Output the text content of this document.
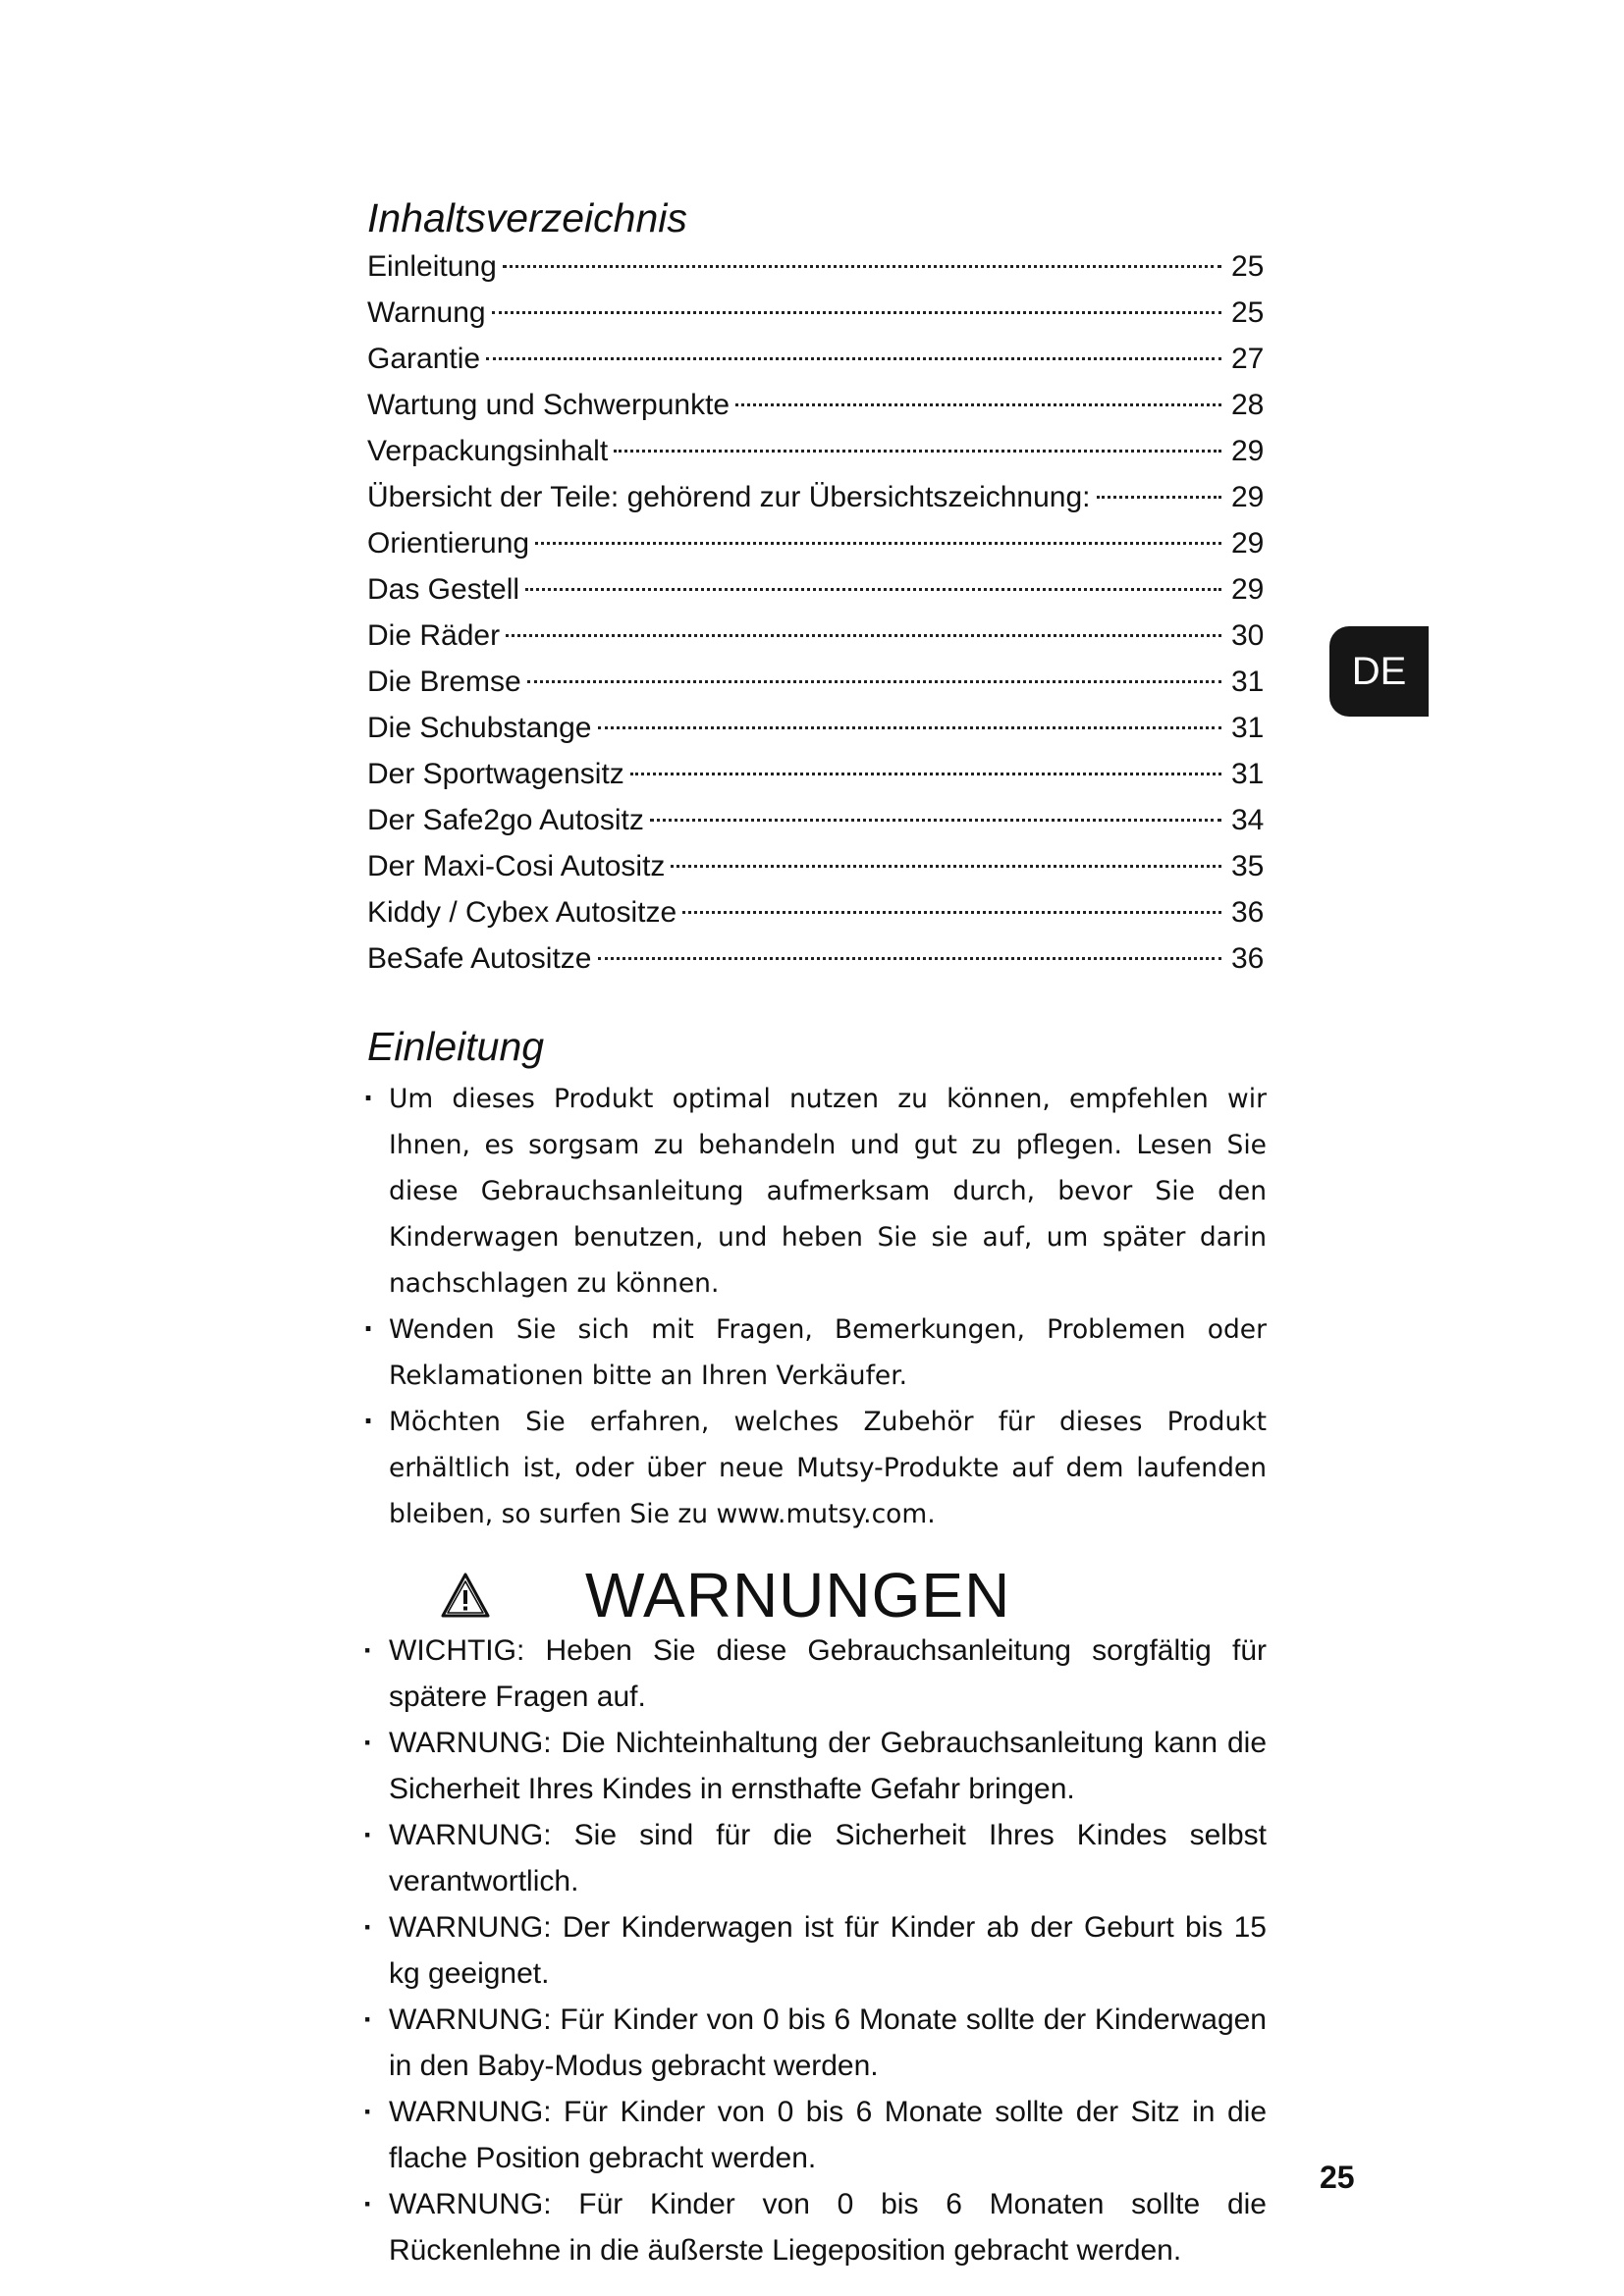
Inhaltsverzeichnis
Einleitung	25
Warnung	25
Garantie	27
Wartung und Schwerpunkte	28
Verpackungsinhalt	29
Übersicht der Teile: gehörend zur Übersichtszeichnung:	29
Orientierung	29
Das Gestell	29
Die Räder	30
Die Bremse	31
Die Schubstange	31
Der Sportwagensitz	31
Der Safe2go Autositz	34
Der Maxi-Cosi Autositz	35
Kiddy / Cybex Autositze	36
BeSafe Autositze	36
DE
Einleitung
· Um dieses Produkt optimal nutzen zu können, empfehlen wir Ihnen, es sorgsam zu behandeln und gut zu pflegen. Lesen Sie diese Gebrauchsanleitung aufmerksam durch, bevor Sie den Kinderwagen benutzen, und heben Sie sie auf, um später darin nachschlagen zu können.
· Wenden Sie sich mit Fragen, Bemerkungen, Problemen oder Reklamationen bitte an Ihren Verkäufer.
· Möchten Sie erfahren, welches Zubehör für dieses Produkt erhältlich ist, oder über neue Mutsy-Produkte auf dem laufenden bleiben, so surfen Sie zu www.mutsy.com.
WARNUNGEN
· WICHTIG: Heben Sie diese Gebrauchsanleitung sorgfältig für spätere Fragen auf.
· WARNUNG: Die Nichteinhaltung der Gebrauchsanleitung kann die Sicherheit Ihres Kindes in ernsthafte Gefahr bringen.
· WARNUNG: Sie sind für die Sicherheit Ihres Kindes selbst verantwortlich.
· WARNUNG: Der Kinderwagen ist für Kinder ab der Geburt bis 15 kg geeignet.
· WARNUNG: Für Kinder von 0 bis 6 Monate sollte der Kinderwagen in den Baby-Modus gebracht werden.
· WARNUNG: Für Kinder von 0 bis 6 Monate sollte der Sitz in die flache Position gebracht werden.
· WARNUNG: Für Kinder von 0 bis 6 Monaten sollte die Rückenlehne in die äußerste Liegeposition gebracht werden.
25
